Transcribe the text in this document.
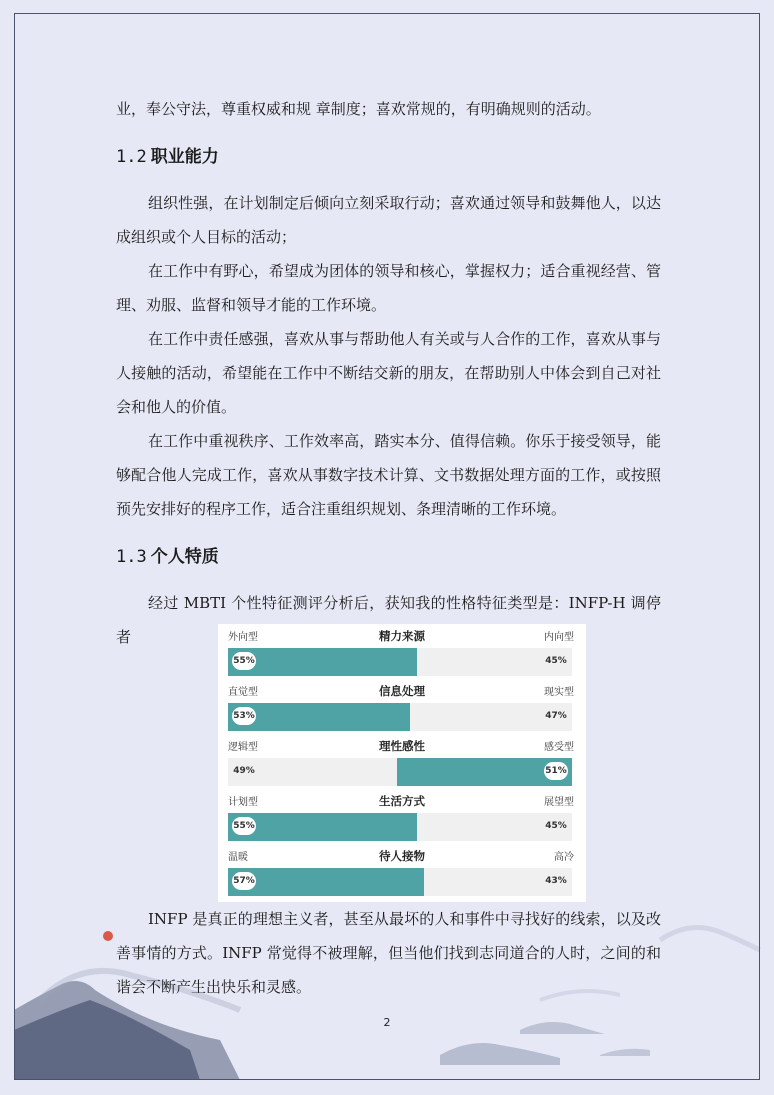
业，奉公守法，尊重权威和规 章制度；喜欢常规的，有明确规则的活动。

1.2 职业能力

组织性强，在计划制定后倾向立刻采取行动；喜欢通过领导和鼓舞他人，以达成组织或个人目标的活动；

在工作中有野心，希望成为团体的领导和核心，掌握权力；适合重视经营、管理、劝服、监督和领导才能的工作环境。

在工作中责任感强，喜欢从事与帮助他人有关或与人合作的工作，喜欢从事与人接触的活动，希望能在工作中不断结交新的朋友，在帮助别人中体会到自己对社会和他人的价值。

在工作中重视秩序、工作效率高，踏实本分、值得信赖。你乐于接受领导，能够配合他人完成工作，喜欢从事数字技术计算、文书数据处理方面的工作，或按照预先安排好的程序工作，适合注重组织规划、条理清晰的工作环境。

1.3 个人特质

经过 MBTI 个性特征测评分析后，获知我的性格特征类型是：INFP-H 调停者	外向型	精力来源	内向型
55%	45%
直觉型	信息处理	现实型
53%	47%
逻辑型	理性感性	感受型
49%	51%
计划型	生活方式	展望型
55%	45%
温暖	待人接物	高冷
57%	43%

INFP 是真正的理想主义者，甚至从最坏的人和事件中寻找好的线索，以及改善事情的方式。INFP 常觉得不被理解，但当他们找到志同道合的人时，之间的和谐会不断产生出快乐和灵感。

2
